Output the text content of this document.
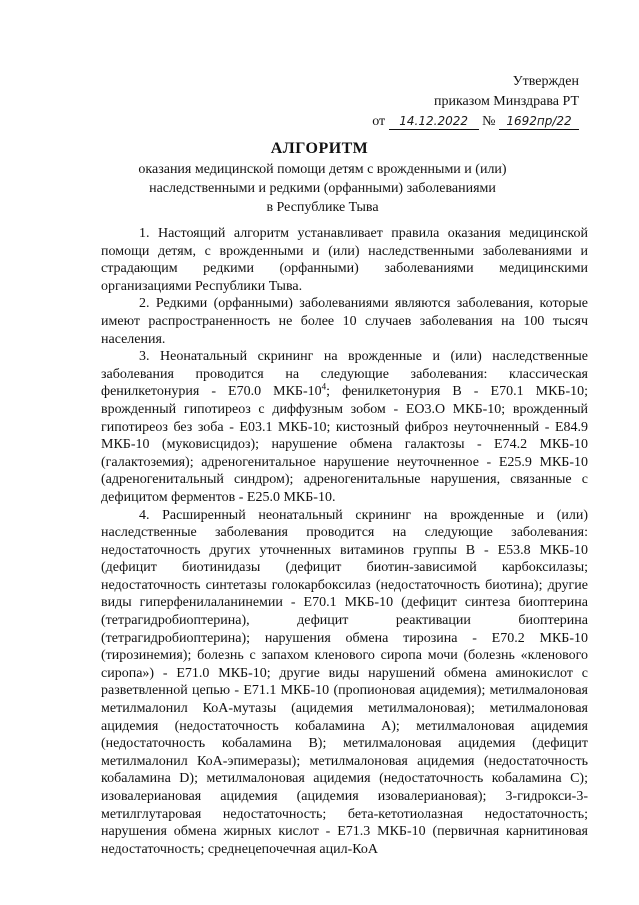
Утвержден
приказом Минздрава РТ
от 14.12.2022 № 1692пр/22
АЛГОРИТМ
оказания медицинской помощи детям с врожденными и (или)
наследственными и редкими (орфанными) заболеваниями
в Республике Тыва

1. Настоящий алгоритм устанавливает правила оказания медицинской помощи детям, с врожденными и (или) наследственными заболеваниями и страдающим редкими (орфанными) заболеваниями медицинскими организациями Республики Тыва.

2. Редкими (орфанными) заболеваниями являются заболевания, которые имеют распространенность не более 10 случаев заболевания на 100 тысяч населения.

3. Неонатальный скрининг на врожденные и (или) наследственные заболевания проводится на следующие заболевания: классическая фенилкетонурия - E70.0 МКБ-$10^4$; фенилкетонурия В - E70.1 МКБ-10; врожденный гипотиреоз с диффузным зобом - ЕО3.О МКБ-10; врожденный гипотиреоз без зоба - E03.1 МКБ-10; кистозный фиброз неуточненный - E84.9 МКБ-10 (муковисцидоз); нарушение обмена галактозы - E74.2 МКБ-10 (галактоземия); адреногенитальное нарушение неуточненное - E25.9 МКБ-10 (адреногенитальный синдром); адреногенитальные нарушения, связанные с дефицитом ферментов - E25.0 МКБ-10.

4. Расширенный неонатальный скрининг на врожденные и (или) наследственные заболевания проводится на следующие заболевания: недостаточность других уточненных витаминов группы В - E53.8 МКБ-10 (дефицит биотинидазы (дефицит биотин-зависимой карбоксилазы; недостаточность синтетазы голокарбоксилаз (недостаточность биотина); другие виды гиперфенилаланинемии - E70.1 МКБ-10 (дефицит синтеза биоптерина (тетрагидробиоптерина), дефицит реактивации биоптерина (тетрагидробиоптерина); нарушения обмена тирозина - E70.2 МКБ-10 (тирозинемия); болезнь с запахом кленового сиропа мочи (болезнь «кленового сиропа») - E71.0 МКБ-10; другие виды нарушений обмена аминокислот с разветвленной цепью - E71.1 МКБ-10 (пропионовая ацидемия); метилмалоновая метилмалонил КоА-мутазы (ацидемия метилмалоновая); метилмалоновая ацидемия (недостаточность кобаламина А); метилмалоновая ацидемия (недостаточность кобаламина В); метилмалоновая ацидемия (дефицит метилмалонил КоА-эпимеразы); метилмалоновая ацидемия (недостаточность кобаламина D); метилмалоновая ацидемия (недостаточность кобаламина С); изовалериановая ацидемия (ацидемия изовалериановая); 3-гидрокси-3-метилглутаровая недостаточность; бета-кетотиолазная недостаточность; нарушения обмена жирных кислот - E71.3 МКБ-10 (первичная карнитиновая недостаточность; среднецепочечная ацил-КоА
